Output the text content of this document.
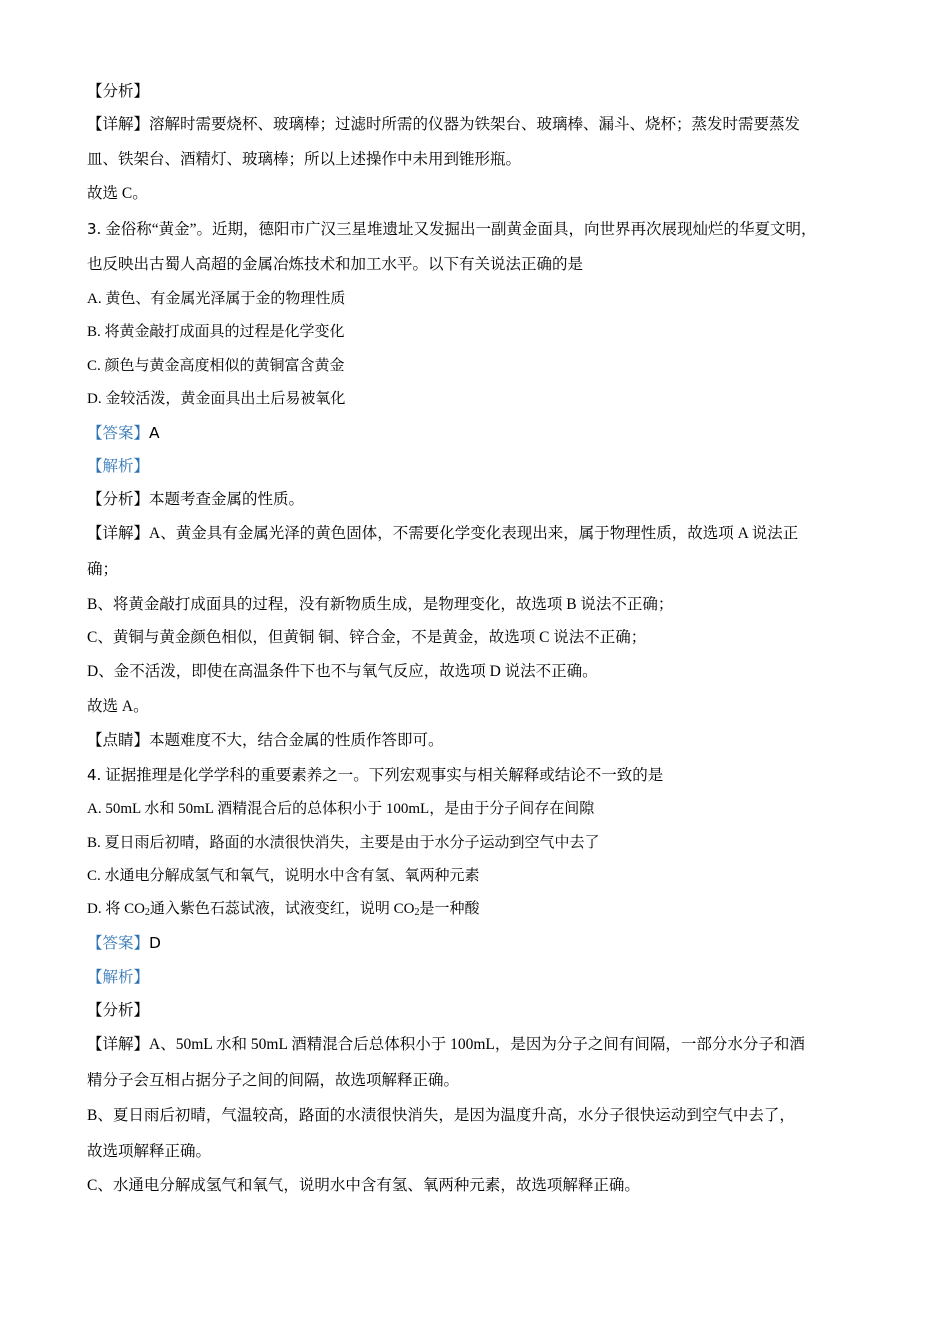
【分析】
【详解】溶解时需要烧杯、玻璃棒；过滤时所需的仪器为铁架台、玻璃棒、漏斗、烧杯；蒸发时需要蒸发
皿、铁架台、酒精灯、玻璃棒；所以上述操作中未用到锥形瓶。
故选 C。
3. 金俗称“黄金”。近期，德阳市广汉三星堆遗址又发掘出一副黄金面具，向世界再次展现灿烂的华夏文明，
也反映出古蜀人高超的金属冶炼技术和加工水平。以下有关说法正确的是
A. 黄色、有金属光泽属于金的物理性质
B. 将黄金敲打成面具的过程是化学变化
C. 颜色与黄金高度相似的黄铜富含黄金
D. 金较活泼，黄金面具出土后易被氧化
【答案】A
【解析】
【分析】本题考查金属的性质。
【详解】A、黄金具有金属光泽的黄色固体，不需要化学变化表现出来，属于物理性质，故选项 A 说法正
确；
B、将黄金敲打成面具的过程，没有新物质生成，是物理变化，故选项 B 说法不正确；
C、黄铜与黄金颜色相似，但黄铜 铜、锌合金，不是黄金，故选项 C 说法不正确；
D、金不活泼，即使在高温条件下也不与氧气反应，故选项 D 说法不正确。
故选 A。
【点睛】本题难度不大，结合金属的性质作答即可。
4. 证据推理是化学学科的重要素养之一。下列宏观事实与相关解释或结论不一致的是
A. 50mL 水和 50mL 酒精混合后的总体积小于 100mL，是由于分子间存在间隙
B. 夏日雨后初晴，路面的水渍很快消失，主要是由于水分子运动到空气中去了
C. 水通电分解成氢气和氧气，说明水中含有氢、氧两种元素
D. 将 $CO_2$通入紫色石蕊试液，试液变红，说明 $CO_2$是一种酸
【答案】D
【解析】
【分析】
【详解】A、50mL 水和 50mL 酒精混合后总体积小于 100mL，是因为分子之间有间隔，一部分水分子和酒
精分子会互相占据分子之间的间隔，故选项解释正确。
B、夏日雨后初晴，气温较高，路面的水渍很快消失，是因为温度升高，水分子很快运动到空气中去了，
故选项解释正确。
C、水通电分解成氢气和氧气，说明水中含有氢、氧两种元素，故选项解释正确。
